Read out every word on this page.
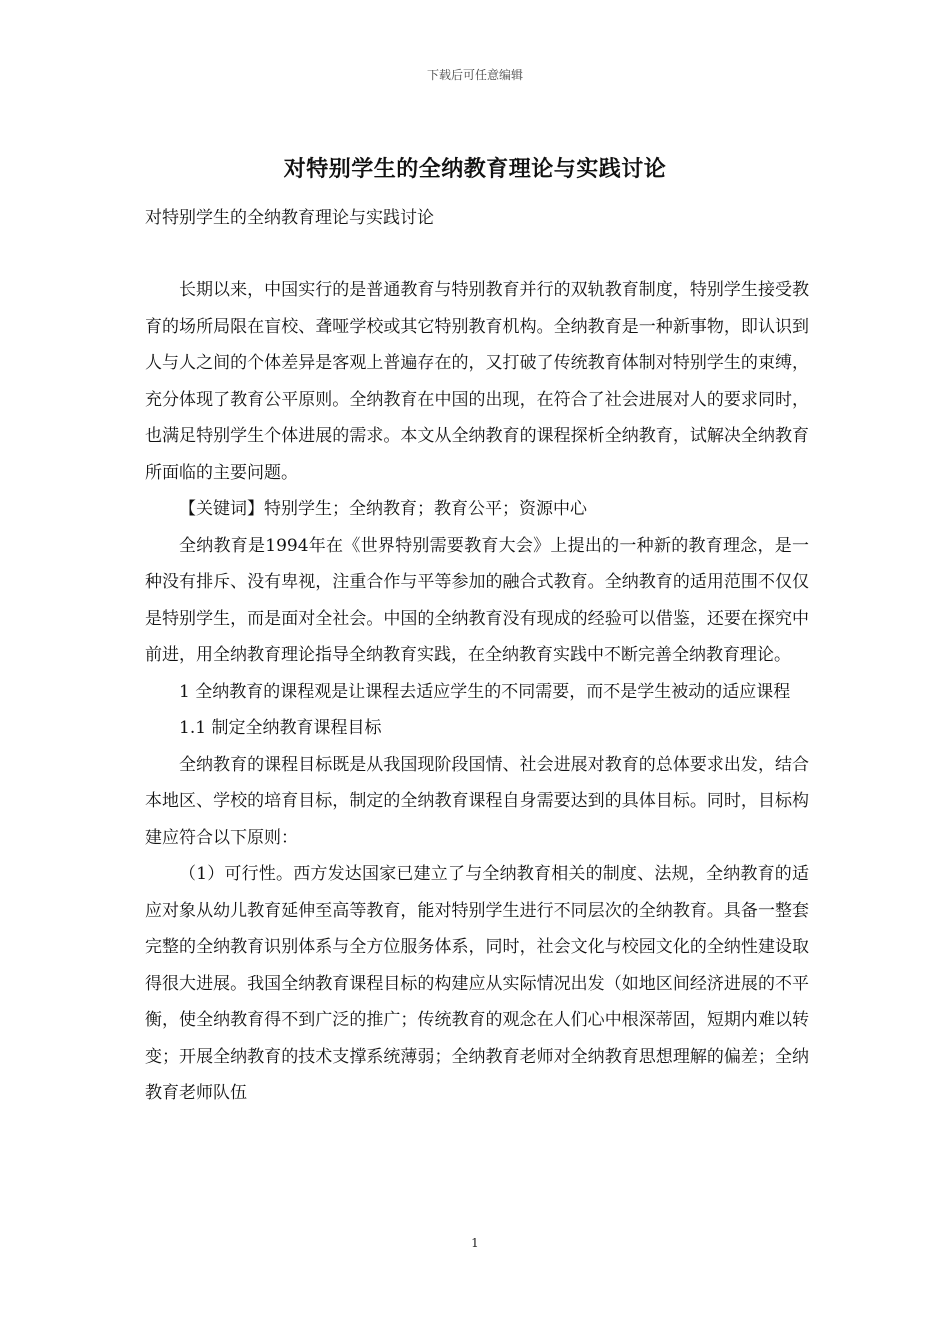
下载后可任意编辑
对特别学生的全纳教育理论与实践讨论
对特别学生的全纳教育理论与实践讨论

长期以来，中国实行的是普通教育与特别教育并行的双轨教育制度，特别学生接受教育的场所局限在盲校、聋哑学校或其它特别教育机构。全纳教育是一种新事物，即认识到人与人之间的个体差异是客观上普遍存在的，又打破了传统教育体制对特别学生的束缚，充分体现了教育公平原则。全纳教育在中国的出现，在符合了社会进展对人的要求同时，也满足特别学生个体进展的需求。本文从全纳教育的课程探析全纳教育，试解决全纳教育所面临的主要问题。

【关键词】特别学生；全纳教育；教育公平；资源中心

全纳教育是1994年在《世界特别需要教育大会》上提出的一种新的教育理念，是一种没有排斥、没有卑视，注重合作与平等参加的融合式教育。全纳教育的适用范围不仅仅是特别学生，而是面对全社会。中国的全纳教育没有现成的经验可以借鉴，还要在探究中前进，用全纳教育理论指导全纳教育实践，在全纳教育实践中不断完善全纳教育理论。

1 全纳教育的课程观是让课程去适应学生的不同需要，而不是学生被动的适应课程

1.1 制定全纳教育课程目标

全纳教育的课程目标既是从我国现阶段国情、社会进展对教育的总体要求出发，结合本地区、学校的培育目标，制定的全纳教育课程自身需要达到的具体目标。同时，目标构建应符合以下原则：

（1）可行性。西方发达国家已建立了与全纳教育相关的制度、法规，全纳教育的适应对象从幼儿教育延伸至高等教育，能对特别学生进行不同层次的全纳教育。具备一整套完整的全纳教育识别体系与全方位服务体系，同时，社会文化与校园文化的全纳性建设取得很大进展。我国全纳教育课程目标的构建应从实际情况出发（如地区间经济进展的不平衡，使全纳教育得不到广泛的推广；传统教育的观念在人们心中根深蒂固，短期内难以转变；开展全纳教育的技术支撑系统薄弱；全纳教育老师对全纳教育思想理解的偏差；全纳教育老师队伍

1
